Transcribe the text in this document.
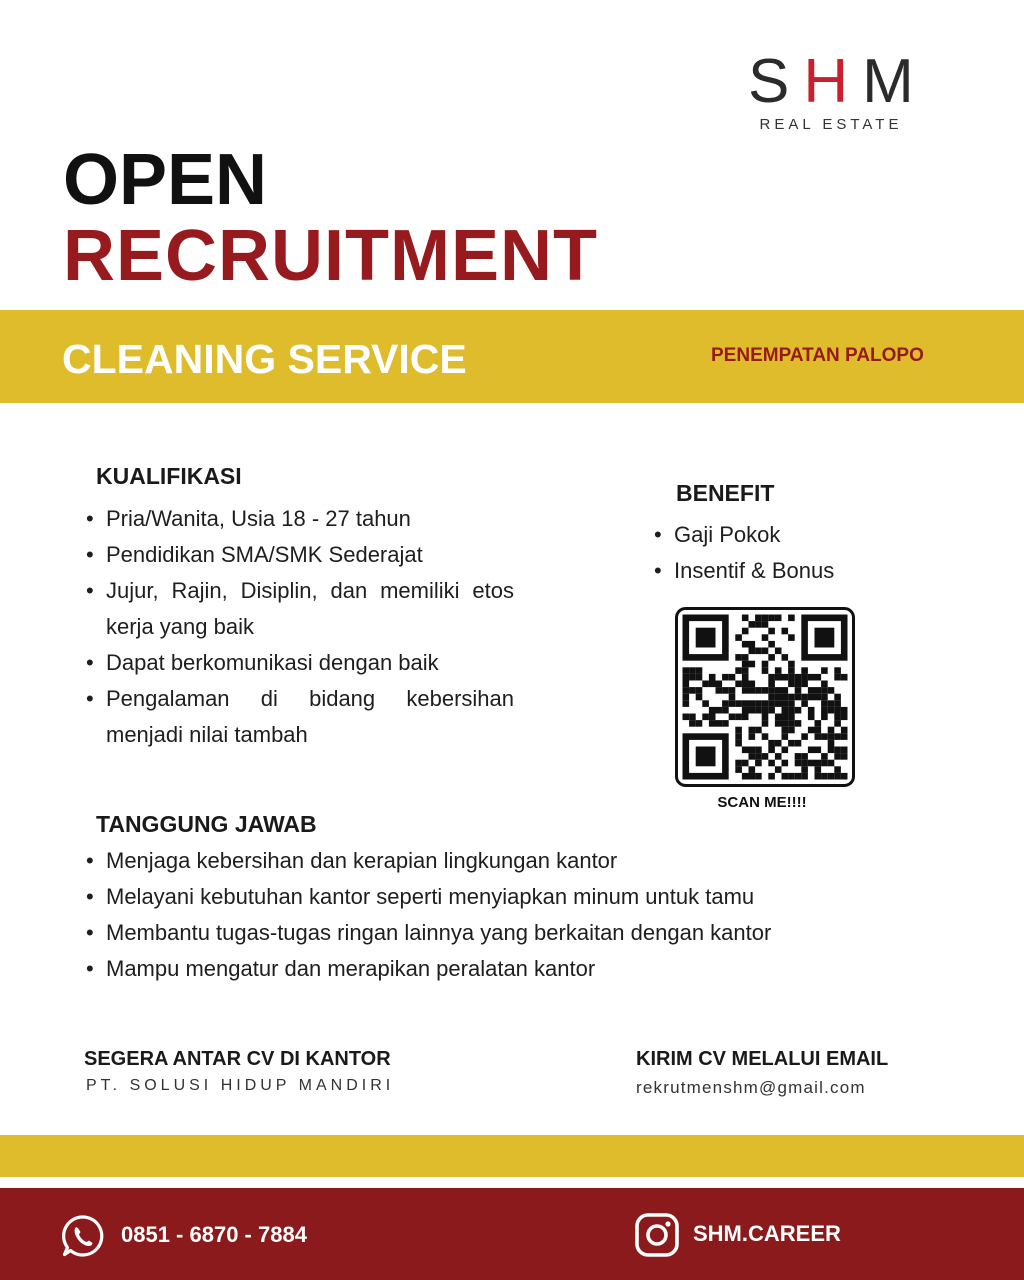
SHM
REAL ESTATE
OPEN
RECRUITMENT
CLEANING SERVICE	PENEMPATAN PALOPO
KUALIFIKASI
• Pria/Wanita, Usia 18 - 27 tahun
• Pendidikan SMA/SMK Sederajat
• Jujur, Rajin, Disiplin, dan memiliki etos kerja yang baik
• Dapat berkomunikasi dengan baik
• Pengalaman di bidang kebersihan menjadi nilai tambah
BENEFIT
• Gaji Pokok
• Insentif & Bonus
SCAN ME!!!!
TANGGUNG JAWAB
• Menjaga kebersihan dan kerapian lingkungan kantor
• Melayani kebutuhan kantor seperti menyiapkan minum untuk tamu
• Membantu tugas-tugas ringan lainnya yang berkaitan dengan kantor
• Mampu mengatur dan merapikan peralatan kantor
SEGERA ANTAR CV DI KANTOR
PT. SOLUSI HIDUP MANDIRI
KIRIM CV MELALUI EMAIL
rekrutmenshm@gmail.com
0851 - 6870 - 7884	SHM.CAREER
